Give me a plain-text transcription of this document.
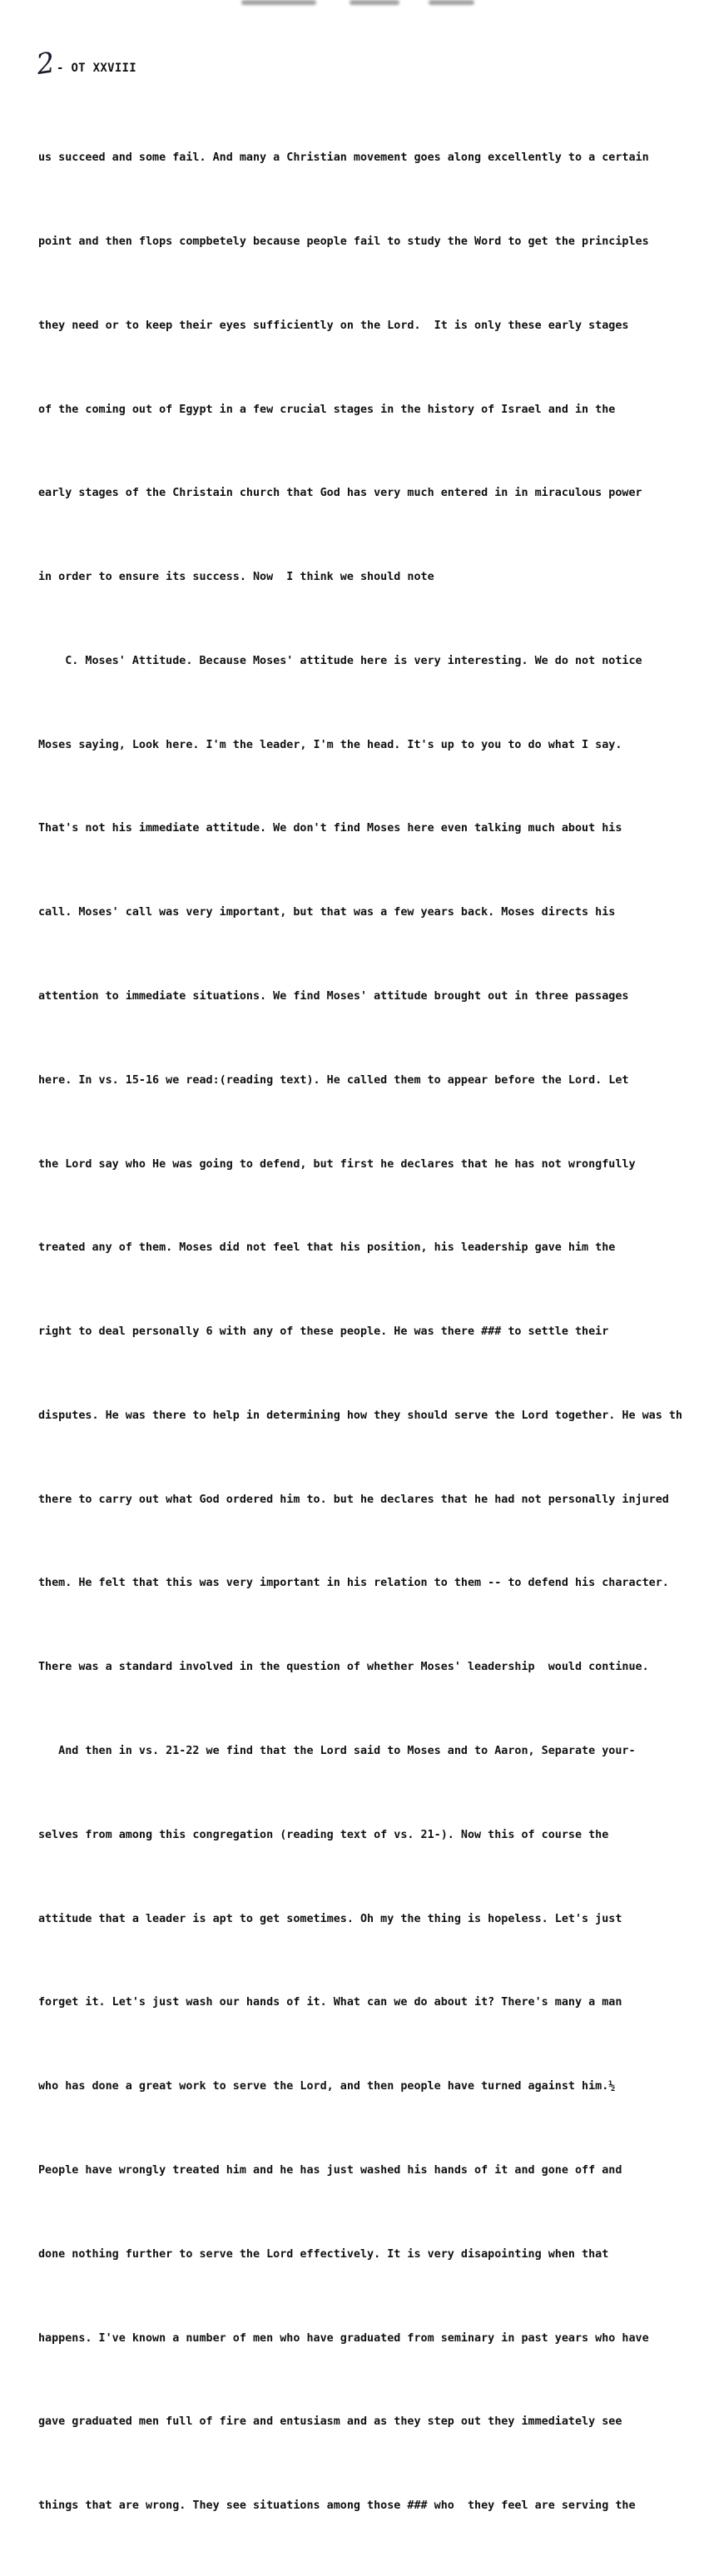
2 - OT XXVIII

us succeed and some fail. And many a Christian movement goes along excellently to a certain

point and then flops compbetely because people fail to study the Word to get the principles

they need or to keep their eyes sufficiently on the Lord.  It is only these early stages

of the coming out of Egypt in a few crucial stages in the history of Israel and in the

early stages of the Christain church that God has very much entered in in miraculous power

in order to ensure its success. Now  I think we should note

C. Moses' Attitude. Because Moses' attitude here is very interesting. We do not notice

Moses saying, Look here. I'm the leader, I'm the head. It's up to you to do what I say.

That's not his immediate attitude. We don't find Moses here even talking much about his

call. Moses' call was very important, but that was a few years back. Moses directs his

attention to immediate situations. We find Moses' attitude brought out in three passages

here. In vs. 15-16 we read:(reading text). He called them to appear before the Lord. Let

the Lord say who He was going to defend, but first he declares that he has not wrongfully

treated any of them. Moses did not feel that his position, his leadership gave him the

right to deal personally 6 with any of these people. He was there ### to settle their

disputes. He was there to help in determining how they should serve the Lord together. He was th

there to carry out what God ordered him to. but he declares that he had not personally injured

them. He felt that this was very important in his relation to them -- to defend his character.

There was a standard involved in the question of whether Moses' leadership  would continue.

And then in vs. 21-22 we find that the Lord said to Moses and to Aaron, Separate your-

selves from among this congregation (reading text of vs. 21-). Now this of course the

attitude that a leader is apt to get sometimes. Oh my the thing is hopeless. Let's just

forget it. Let's just wash our hands of it. What can we do about it? There's many a man

who has done a great work to serve the Lord, and then people have turned against him.½

People have wrongly treated him and he has just washed his hands of it and gone off and

done nothing further to serve the Lord effectively. It is very disapointing when that

happens. I've known a number of men who have graduated from seminary in past years who have

gave graduated men full of fire and entusiasm and as they step out they immediately see

things that are wrong. They see situations among those ### who  they feel are serving the
